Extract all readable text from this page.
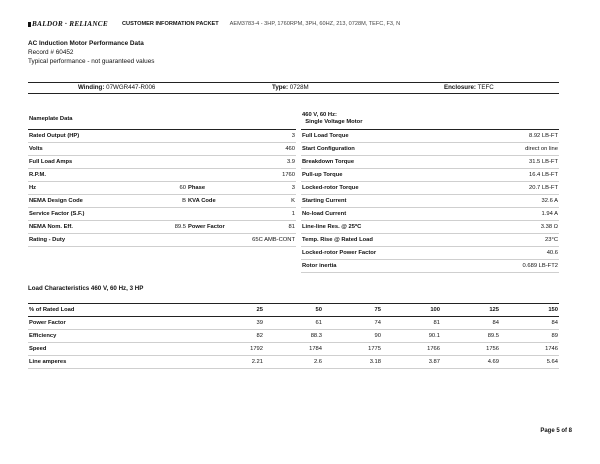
BALDOR · RELIANCE	CUSTOMER INFORMATION PACKET AEM3783-4 - 3HP, 1760RPM, 3PH, 60HZ, 213, 0728M, TEFC, F3, N
AC Induction Motor Performance Data
Record # 60452
Typical performance - not guaranteed values
Winding: 07WGR447-R006	Type: 0728M	Enclosure: TEFC
Nameplate Data			
Rated Output (HP)			3
Volts			460
Full Load Amps			3.9
R.P.M.			1760
Hz	60	Phase	3
NEMA Design Code	B	KVA Code	K
Service Factor (S.F.)			1
NEMA Nom. Eff.	89.5	Power Factor	81
Rating - Duty			65C AMB-CONT
460 V, 60 Hz:
Single Voltage Motor	
Full Load Torque	8.92 LB-FT
Start Configuration	direct on line
Breakdown Torque	31.5 LB-FT
Pull-up Torque	16.4 LB-FT
Locked-rotor Torque	20.7 LB-FT
Starting Current	32.6 A
No-load Current	1.94 A
Line-line Res. @ 25ºC	3.38 Ω
Temp. Rise @ Rated Load	23°C
Locked-rotor Power Factor	40.6
Rotor inertia	0.689 LB-FT2
Load Characteristics 460 V, 60 Hz, 3 HP
% of Rated Load	25	50	75	100	125	150
Power Factor	39	61	74	81	84	84
Efficiency	82	88.3	90	90.1	89.5	89
Speed	1792	1784	1775	1766	1756	1746
Line amperes	2.21	2.6	3.18	3.87	4.69	5.64
Page 5 of 8
